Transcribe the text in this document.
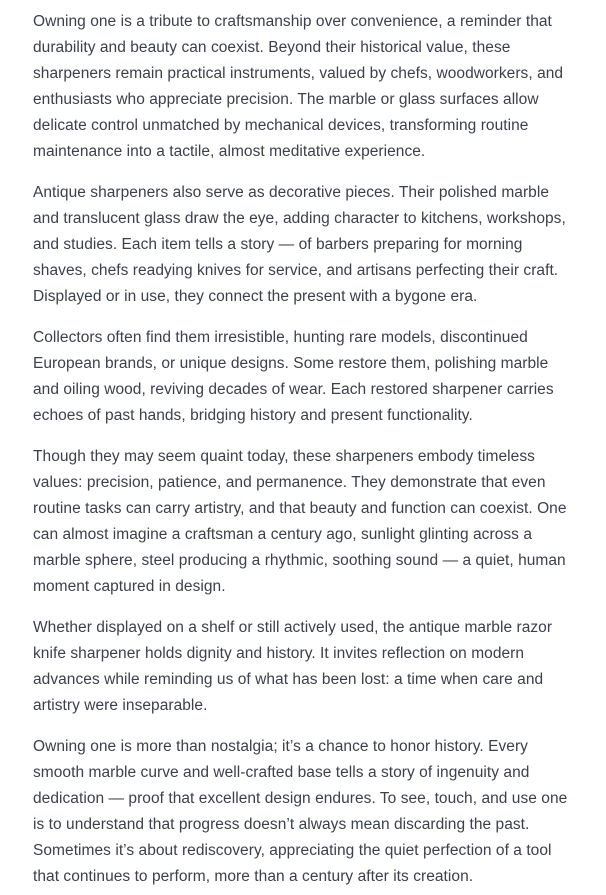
Owning one is a tribute to craftsmanship over convenience, a reminder that durability and beauty can coexist. Beyond their historical value, these sharpeners remain practical instruments, valued by chefs, woodworkers, and enthusiasts who appreciate precision. The marble or glass surfaces allow delicate control unmatched by mechanical devices, transforming routine maintenance into a tactile, almost meditative experience.

Antique sharpeners also serve as decorative pieces. Their polished marble and translucent glass draw the eye, adding character to kitchens, workshops, and studies. Each item tells a story — of barbers preparing for morning shaves, chefs readying knives for service, and artisans perfecting their craft. Displayed or in use, they connect the present with a bygone era.

Collectors often find them irresistible, hunting rare models, discontinued European brands, or unique designs. Some restore them, polishing marble and oiling wood, reviving decades of wear. Each restored sharpener carries echoes of past hands, bridging history and present functionality.

Though they may seem quaint today, these sharpeners embody timeless values: precision, patience, and permanence. They demonstrate that even routine tasks can carry artistry, and that beauty and function can coexist. One can almost imagine a craftsman a century ago, sunlight glinting across a marble sphere, steel producing a rhythmic, soothing sound — a quiet, human moment captured in design.

Whether displayed on a shelf or still actively used, the antique marble razor knife sharpener holds dignity and history. It invites reflection on modern advances while reminding us of what has been lost: a time when care and artistry were inseparable.

Owning one is more than nostalgia; it’s a chance to honor history. Every smooth marble curve and well-crafted base tells a story of ingenuity and dedication — proof that excellent design endures. To see, touch, and use one is to understand that progress doesn’t always mean discarding the past. Sometimes it’s about rediscovery, appreciating the quiet perfection of a tool that continues to perform, more than a century after its creation.
